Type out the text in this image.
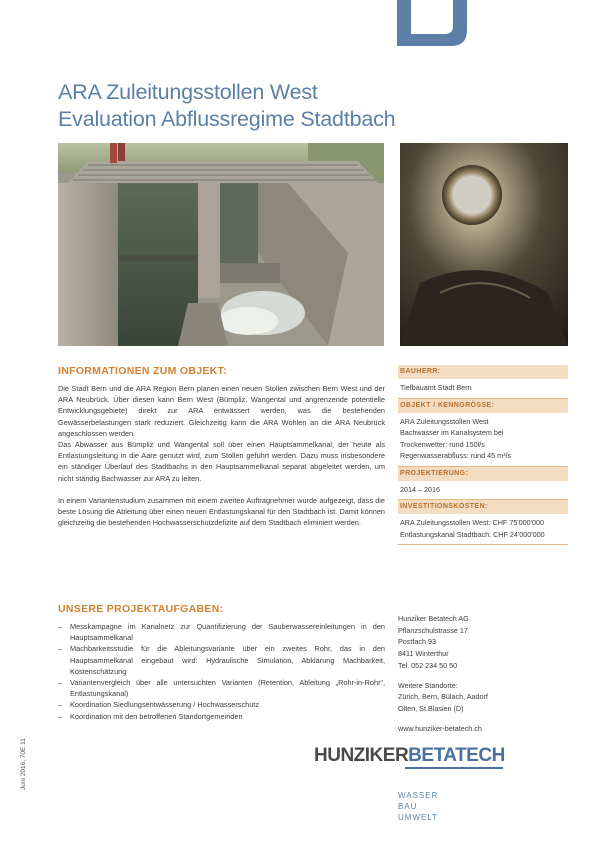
ARA Zuleitungsstollen West
Evaluation Abflussregime Stadtbach
INFORMATIONEN ZUM OBJEKT:

Die Stadt Bern und die ARA Region Bern planen einen neuen Stollen zwischen Bern West und der ARA Neubrück. Über diesen kann Bern West (Bümpliz, Wangental und angrenzende potentielle Entwicklungsgebiete) direkt zur ARA entwässert werden, was die bestehenden Gewässerbelastungen stark reduziert. Gleichzeitig kann die ARA Wohlen an die ARA Neubrück angeschlossen werden.

Das Abwasser aus Bümpliz und Wangental soll über einen Hauptsammelkanal, der heute als Entlastungsleitung in die Aare genutzt wird, zum Stollen geführt werden. Dazu muss insbesondere ein ständiger Überlauf des Stadtbachs in den Hauptsammelkanal separat abgeleitet werden, um nicht ständig Bachwasser zur ARA zu leiten.

In einem Variantenstudium zusammen mit einem zweiten Auftragnehmer wurde aufgezeigt, dass die beste Lösung die Ableitung über einen neuen Entlastungskanal für den Stadtbach ist. Damit können gleichzeitig die bestehenden Hochwasserschutzdefizite auf dem Stadtbach eliminiert werden.

UNSERE PROJEKTAUFGABEN:
– Messkampagne im Kanalnetz zur Quantifizierung der Sauberwassereinleitungen in den Hauptsammelkanal
– Machbarkeitsstudie für die Ableitungsvariante über ein zweites Rohr, das in den Hauptsammelkanal eingebaut wird: Hydraulische Simulation, Abklärung Machbarkeit, Kostenschätzung
– Variantenvergleich über alle untersuchten Varianten (Retention, Ableitung „Rohr-in-Rohr“, Entlastungskanal)
– Koordination Siedlungsentwässerung / Hochwasserschutz
– Koordination mit den betroffenen Standortgemeinden
BAUHERR:
Tiefbauamt Stadt Bern
OBJEKT / KENNGRÖSSE:
ARA Zuleitungsstollen West
Bachwasser im Kanalsystem bei
Trockenwetter: rund 150l/s
Regenwasserabfluss: rund 45 m³/s
PROJEKTIERUNG:
2014 – 2016
INVESTITIONSKOSTEN:
ARA Zuleitungsstollen West: CHF 75'000'000
Entlastungskanal Stadtbach: CHF 24'000'000
Hunziker Betatech AG
Pflanzschulstrasse 17
Postfach 93
8411 Winterthur
Tel. 052 234 50 50
Weitere Standorte:
Zürich, Bern, Bülach, Aadorf
Olten, St.Blasien (D)
www.hunziker-betatech.ch
HUNZIKERBETATECH
WASSER
BAU
UMWELT
Juni 2016, 70E 11
